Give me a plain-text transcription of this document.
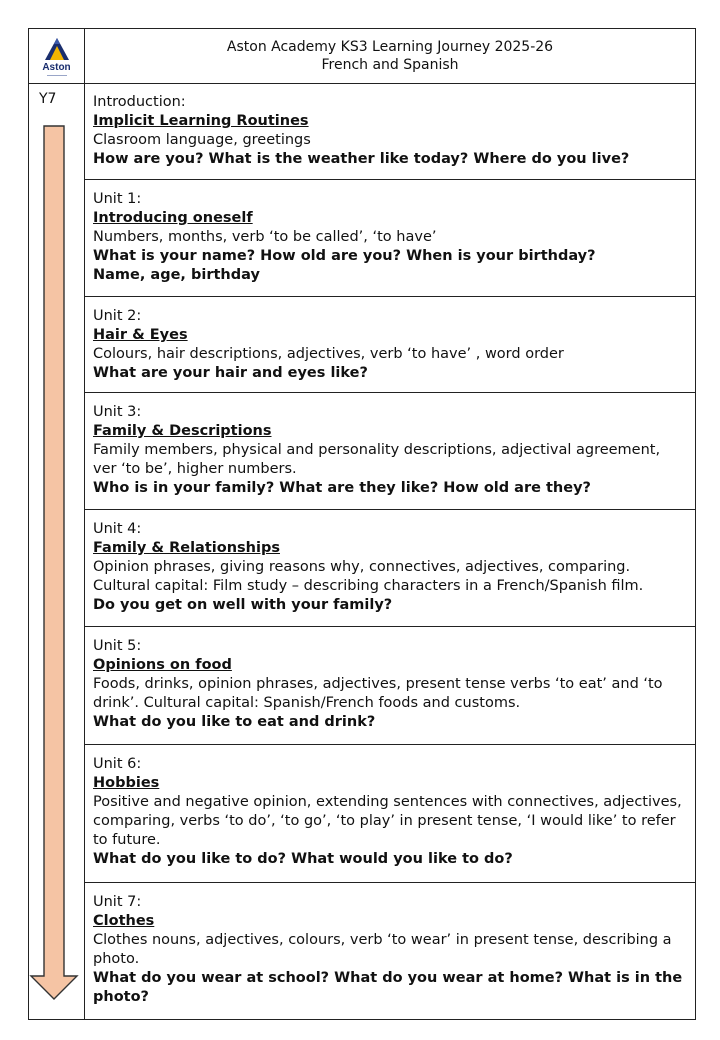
Aston
Aston Academy KS3 Learning Journey 2025-26
French and Spanish
Y7	Introduction:
Implicit Learning Routines
Clasroom language, greetings
How are you? What is the weather like today? Where do you live?
Unit 1:
Introducing oneself
Numbers, months, verb ‘to be called’, ‘to have’
What is your name? How old are you? When is your birthday?
Name, age, birthday
Unit 2:
Hair & Eyes
Colours, hair descriptions, adjectives, verb ‘to have’ , word order
What are your hair and eyes like?
Unit 3:
Family & Descriptions
Family members, physical and personality descriptions, adjectival agreement, ver ‘to be’, higher numbers.
Who is in your family? What are they like? How old are they?
Unit 4:
Family & Relationships
Opinion phrases, giving reasons why, connectives, adjectives, comparing. Cultural capital: Film study – describing characters in a French/Spanish film.
Do you get on well with your family?
Unit 5:
Opinions on food
Foods, drinks, opinion phrases, adjectives, present tense verbs ‘to eat’ and ‘to drink’. Cultural capital: Spanish/French foods and customs.
What do you like to eat and drink?
Unit 6:
Hobbies
Positive and negative opinion, extending sentences with connectives, adjectives, comparing, verbs ‘to do’, ‘to go’, ‘to play’ in present tense, ‘I would like’ to refer to future.
What do you like to do? What would you like to do?
Unit 7:
Clothes
Clothes nouns, adjectives, colours, verb ‘to wear’ in present tense, describing a photo.
What do you wear at school? What do you wear at home? What is in the photo?
